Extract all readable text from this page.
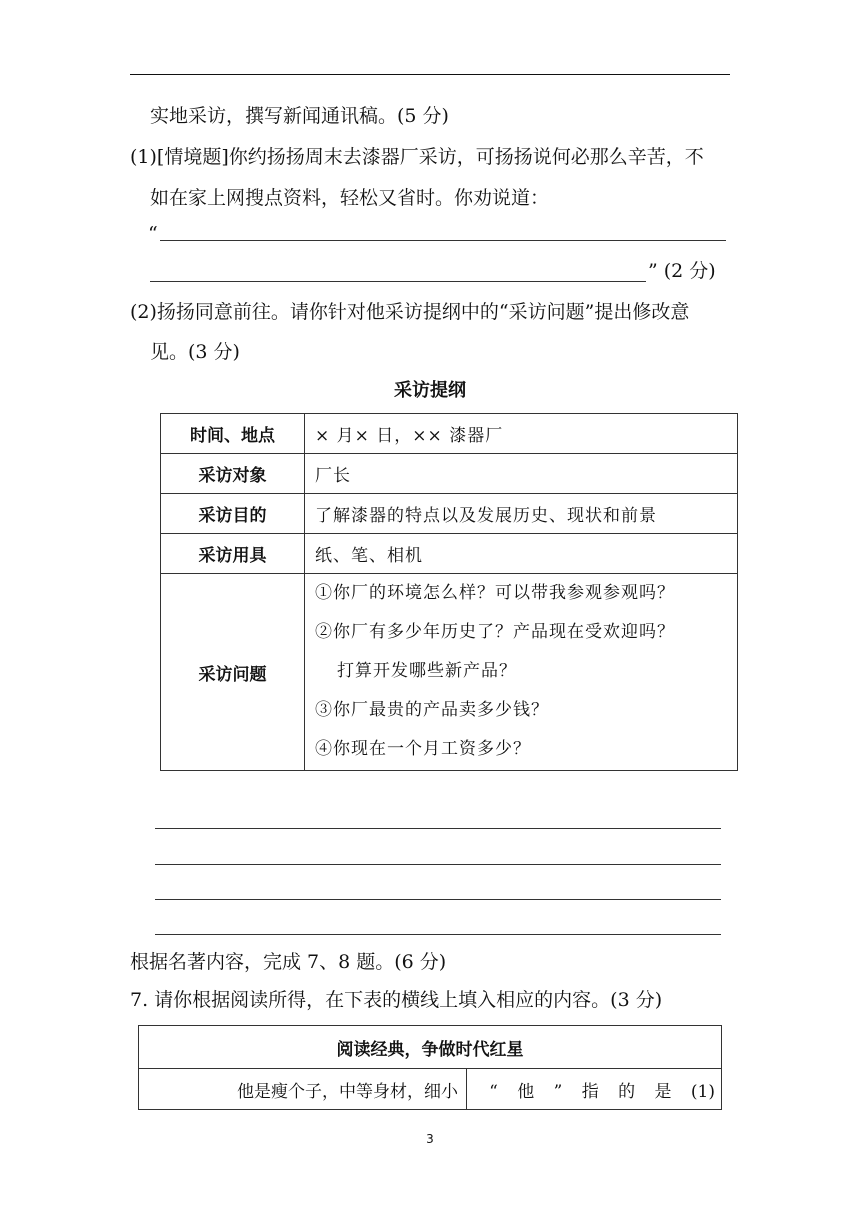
实地采访，撰写新闻通讯稿。(5 分)
(1)[情境题]你约扬扬周末去漆器厂采访，可扬扬说何必那么辛苦，不
如在家上网搜点资料，轻松又省时。你劝说道：
“
” (2 分)
(2)扬扬同意前往。请你针对他采访提纲中的“采访问题”提出修改意
见。(3 分)
采访提纲
时间、地点	× 月× 日，×× 漆器厂
采访对象	厂长
采访目的	了解漆器的特点以及发展历史、现状和前景
采访用具	纸、笔、相机
采访问题	①你厂的环境怎么样？可以带我参观参观吗？
②你厂有多少年历史了？产品现在受欢迎吗？
打算开发哪些新产品？
③你厂最贵的产品卖多少钱？
④你现在一个月工资多少？
根据名著内容，完成 7、8 题。(6 分)
7. 请你根据阅读所得，在下表的横线上填入相应的内容。(3 分)
阅读经典，争做时代红星
他是瘦个子，中等身材，细小	“ 他 ” 指 的 是 (1)
3
